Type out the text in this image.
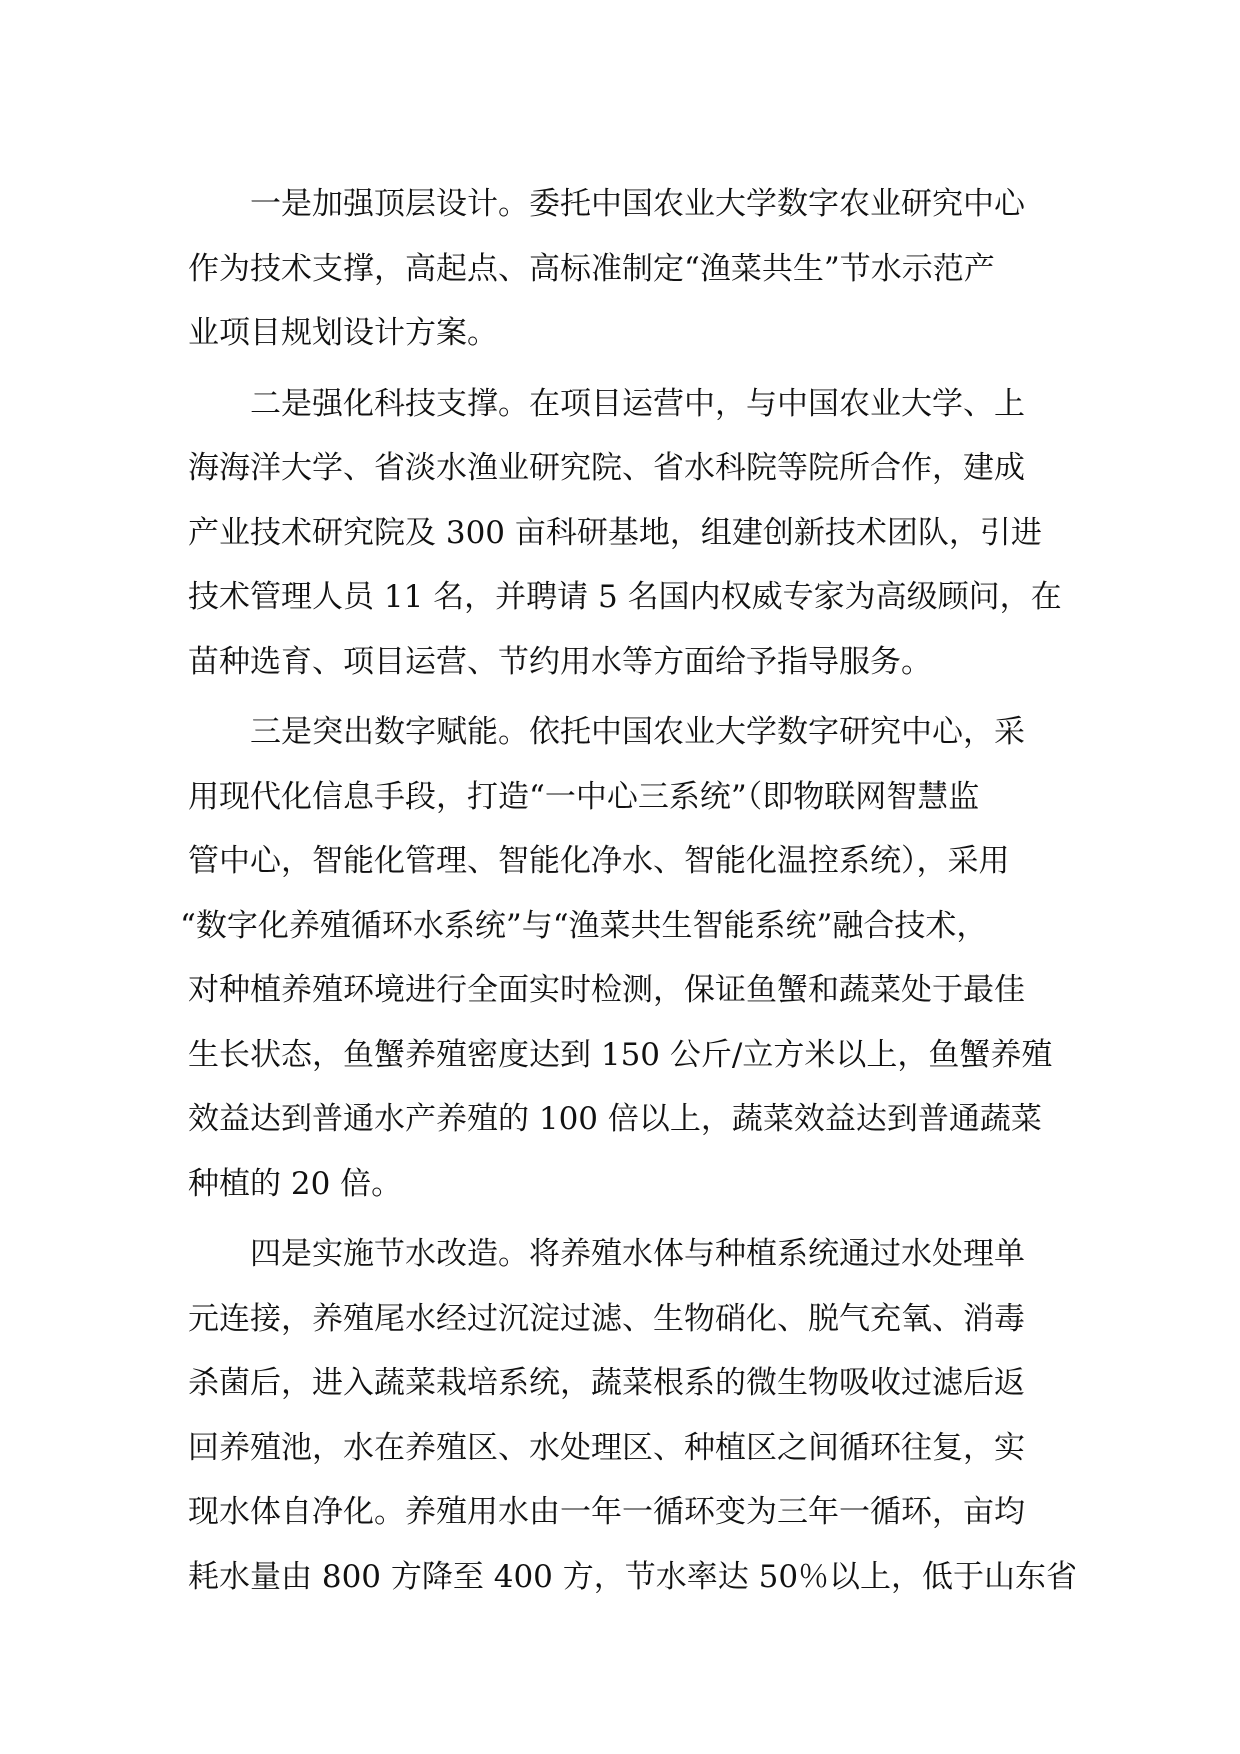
一是加强顶层设计。委托中国农业大学数字农业研究中心
作为技术支撑，高起点、高标准制定“渔菜共生”节水示范产
业项目规划设计方案。
二是强化科技支撑。在项目运营中，与中国农业大学、上
海海洋大学、省淡水渔业研究院、省水科院等院所合作，建成
产业技术研究院及 300 亩科研基地，组建创新技术团队，引进
技术管理人员 11 名，并聘请 5 名国内权威专家为高级顾问，在
苗种选育、项目运营、节约用水等方面给予指导服务。
三是突出数字赋能。依托中国农业大学数字研究中心，采
用现代化信息手段，打造“一中心三系统”（即物联网智慧监
管中心，智能化管理、智能化净水、智能化温控系统），采用
“数字化养殖循环水系统”与“渔菜共生智能系统”融合技术，
对种植养殖环境进行全面实时检测，保证鱼蟹和蔬菜处于最佳
生长状态，鱼蟹养殖密度达到 150 公斤/立方米以上，鱼蟹养殖
效益达到普通水产养殖的 100 倍以上，蔬菜效益达到普通蔬菜
种植的 20 倍。
四是实施节水改造。将养殖水体与种植系统通过水处理单
元连接，养殖尾水经过沉淀过滤、生物硝化、脱气充氧、消毒
杀菌后，进入蔬菜栽培系统，蔬菜根系的微生物吸收过滤后返
回养殖池，水在养殖区、水处理区、种植区之间循环往复，实
现水体自净化。养殖用水由一年一循环变为三年一循环，亩均
耗水量由 800 方降至 400 方，节水率达 50％以上，低于山东省
